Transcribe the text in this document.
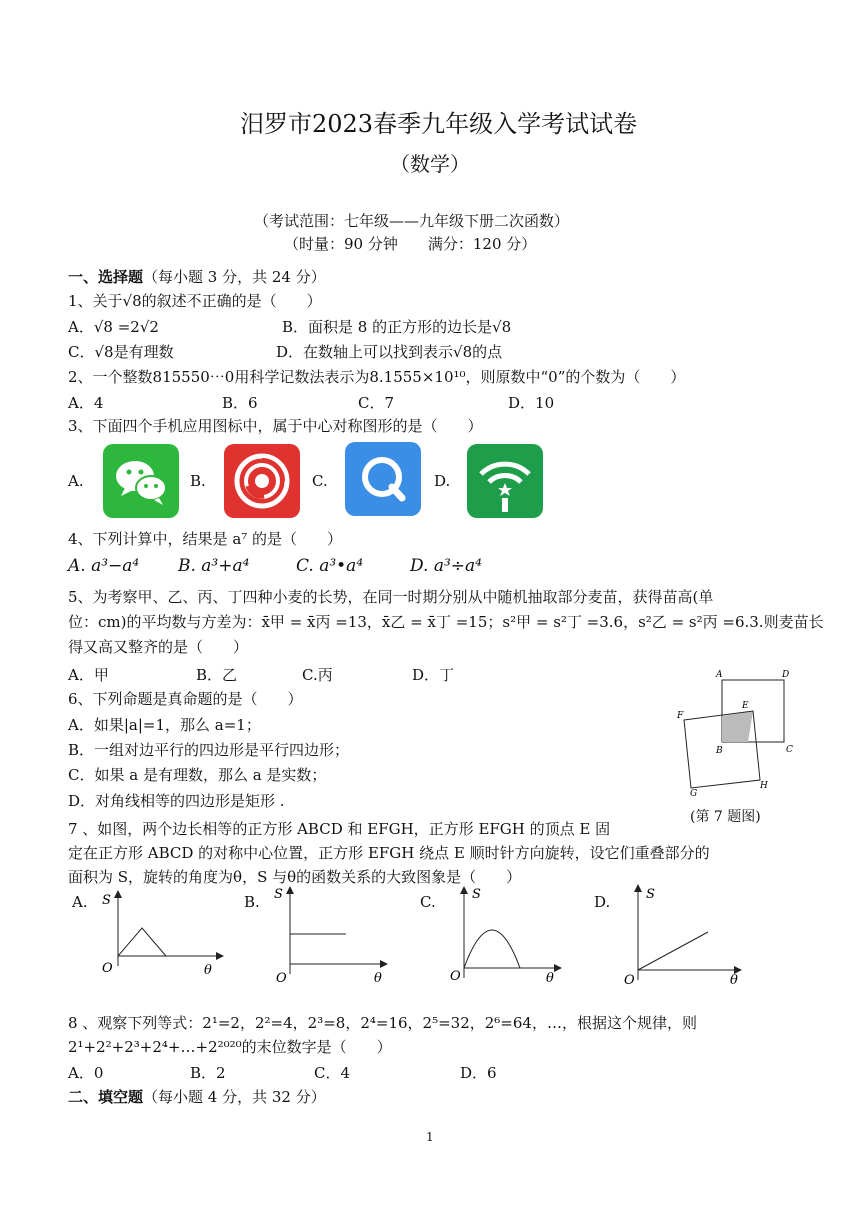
汨罗市2023春季九年级入学考试试卷
（数学）
（考试范围：七年级——九年级下册二次函数）
（时量：90 分钟　　满分：120 分）
一、选择题（每小题 3 分，共 24 分）
1、关于√8的叙述不正确的是（　　）
A．√8 =2√2	B．面积是 8 的正方形的边长是√8
C．√8是有理数	D．在数轴上可以找到表示√8的点
2、一个整数815550⋯0用科学记数法表示为8.1555×10¹⁰，则原数中“0”的个数为（　　）
A．4	B．6	C．7	D．10
3、下面四个手机应用图标中，属于中心对称图形的是（　　）
A.	B.	C.	D.
4、下列计算中，结果是 a⁷ 的是（　　）
A. a³−a⁴ B. a³+a⁴	C. a³•a⁴	D. a³÷a⁴
5、为考察甲、乙、丙、丁四种小麦的长势，在同一时期分别从中随机抽取部分麦苗，获得苗高(单
位：cm)的平均数与方差为：x̄甲 = x̄丙 =13，x̄乙 = x̄丁 =15；s²甲 = s²丁 =3.6，s²乙 = s²丙 =6.3.则麦苗长
得又高又整齐的是（　　）
A．甲	B．乙	C.丙	D．丁
6、下列命题是真命题的是（　　）
A．如果|a|=1，那么 a=1；
B．一组对边平行的四边形是平行四边形；
C．如果 a 是有理数，那么 a 是实数；
D．对角线相等的四边形是矩形 .
A	D
E
F
B	C
G
H
(第 7 题图)
7 、如图，两个边长相等的正方形 ABCD 和 EFGH，正方形 EFGH 的顶点 E 固
定在正方形 ABCD 的对称中心位置，正方形 EFGH 绕点 E 顺时针方向旋转，设它们重叠部分的
面积为 S，旋转的角度为θ，S 与θ的函数关系的大致图象是（　　）
A. S
O	θ
B. S
O	θ
C.	S
O	θ
D.	S
O	θ
8 、观察下列等式：2¹=2，2²=4，2³=8，2⁴=16，2⁵=32，2⁶=64，…，根据这个规律，则
2¹+2²+2³+2⁴+…+2²⁰²⁰的末位数字是（　　）
A．0	B．2	C．4	D．6
二、填空题（每小题 4 分，共 32 分）
1
